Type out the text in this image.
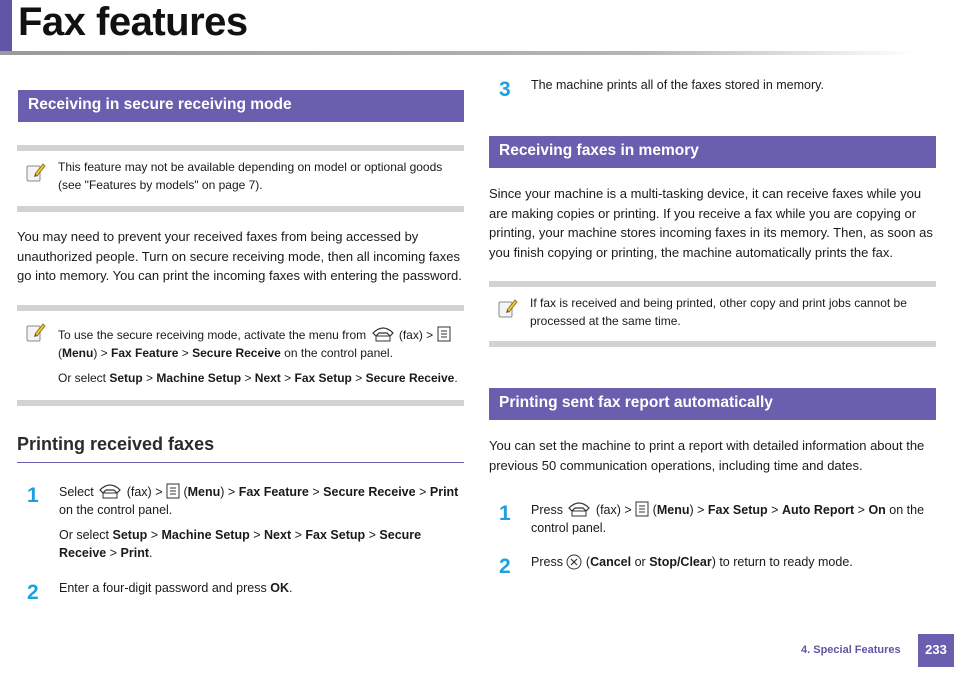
Fax features
Receiving in secure receiving mode
This feature may not be available depending on model or optional goods (see "Features by models" on page 7).
You may need to prevent your received faxes from being accessed by unauthorized people. Turn on secure receiving mode, then all incoming faxes go into memory. You can print the incoming faxes with entering the password.
To use the secure receiving mode, activate the menu from	(fax) >
(Menu) > Fax Feature > Secure Receive on the control panel.
Or select Setup > Machine Setup > Next > Fax Setup > Secure Receive.
Printing received faxes
1 Select	(fax) > (Menu) > Fax Feature > Secure Receive > Print on the control panel.
Or select Setup > Machine Setup > Next > Fax Setup > Secure Receive > Print.
2 Enter a four-digit password and press OK.
3 The machine prints all of the faxes stored in memory.
Receiving faxes in memory
Since your machine is a multi-tasking device, it can receive faxes while you are making copies or printing. If you receive a fax while you are copying or printing, your machine stores incoming faxes in its memory. Then, as soon as you finish copying or printing, the machine automatically prints the fax.
If fax is received and being printed, other copy and print jobs cannot be processed at the same time.
Printing sent fax report automatically
You can set the machine to print a report with detailed information about the previous 50 communication operations, including time and dates.
1 Press	(fax) > (Menu) > Fax Setup > Auto Report > On on the control panel.
2 Press (Cancel or Stop/Clear) to return to ready mode.
4. Special Features	233
